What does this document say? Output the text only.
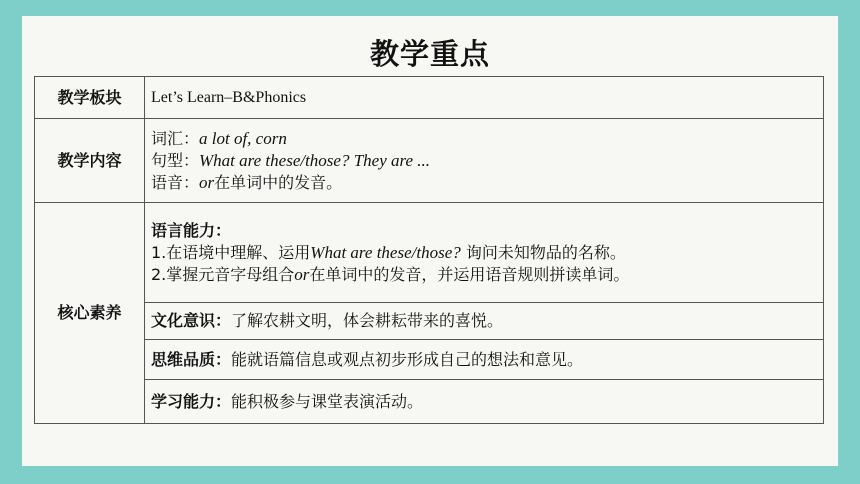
教学重点
教学板块	Let’s Learn–B&Phonics
教学内容	词汇：a lot of, corn
句型：What are these/those? They are ...
语音：or在单词中的发音。

核心素养	语言能力：
1.在语境中理解、运用What are these/those? 询问未知物品的名称。
2.掌握元音字母组合or在单词中的发音，并运用语音规则拼读单词。

	文化意识：了解农耕文明，体会耕耘带来的喜悦。
	思维品质：能就语篇信息或观点初步形成自己的想法和意见。
	学习能力：能积极参与课堂表演活动。
